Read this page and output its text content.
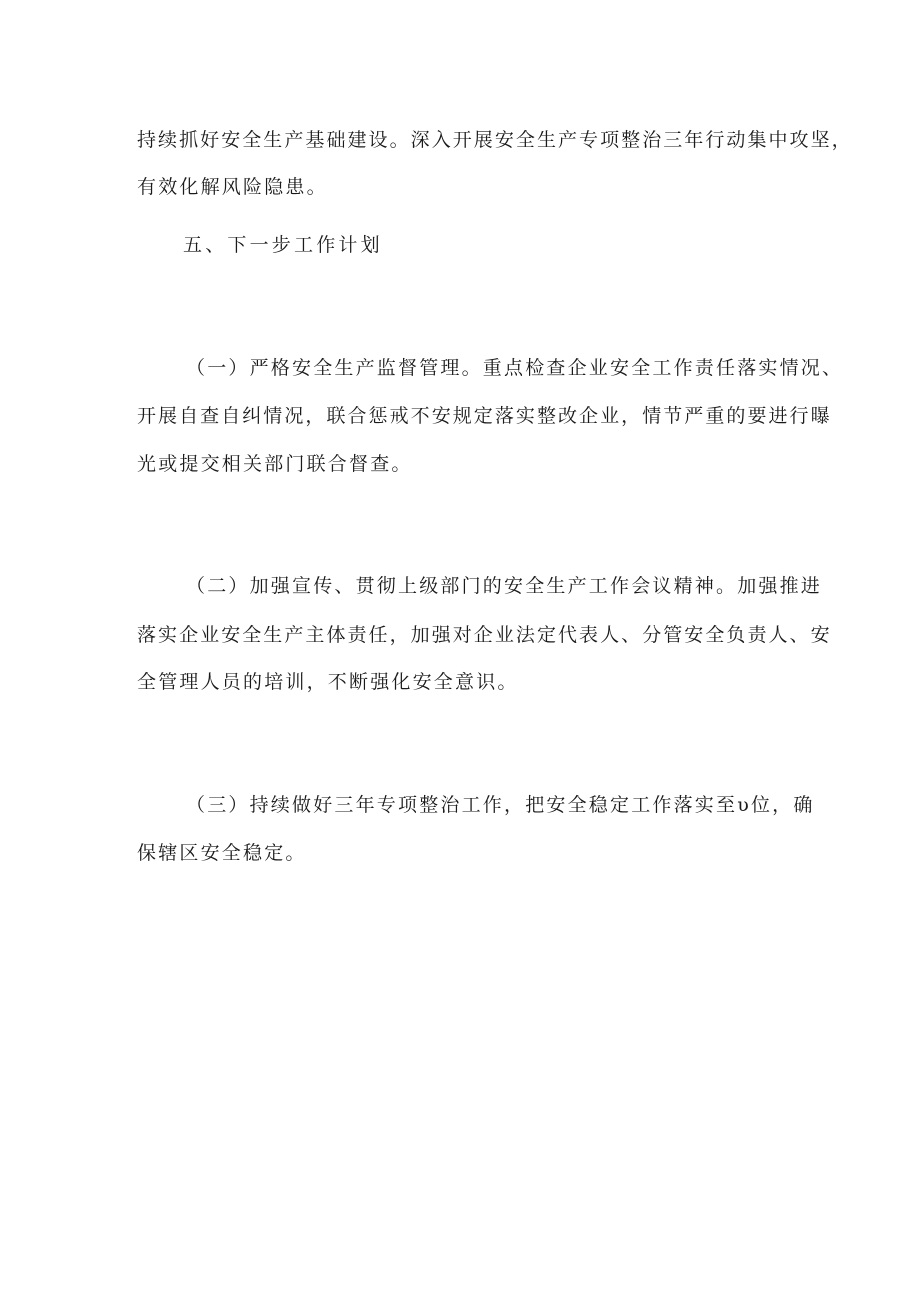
持续抓好安全生产基础建设。深入开展安全生产专项整治三年行动集中攻坚，
有效化解风险隐患。
五、下一步工作计划
（一）严格安全生产监督管理。重点检查企业安全工作责任落实情况、
开展自查自纠情况，联合惩戒不安规定落实整改企业，情节严重的要进行曝
光或提交相关部门联合督查。
（二）加强宣传、贯彻上级部门的安全生产工作会议精神。加强推进
落实企业安全生产主体责任，加强对企业法定代表人、分管安全负责人、安
全管理人员的培训，不断强化安全意识。
（三）持续做好三年专项整治工作，把安全稳定工作落实至υ位，确
保辖区安全稳定。
